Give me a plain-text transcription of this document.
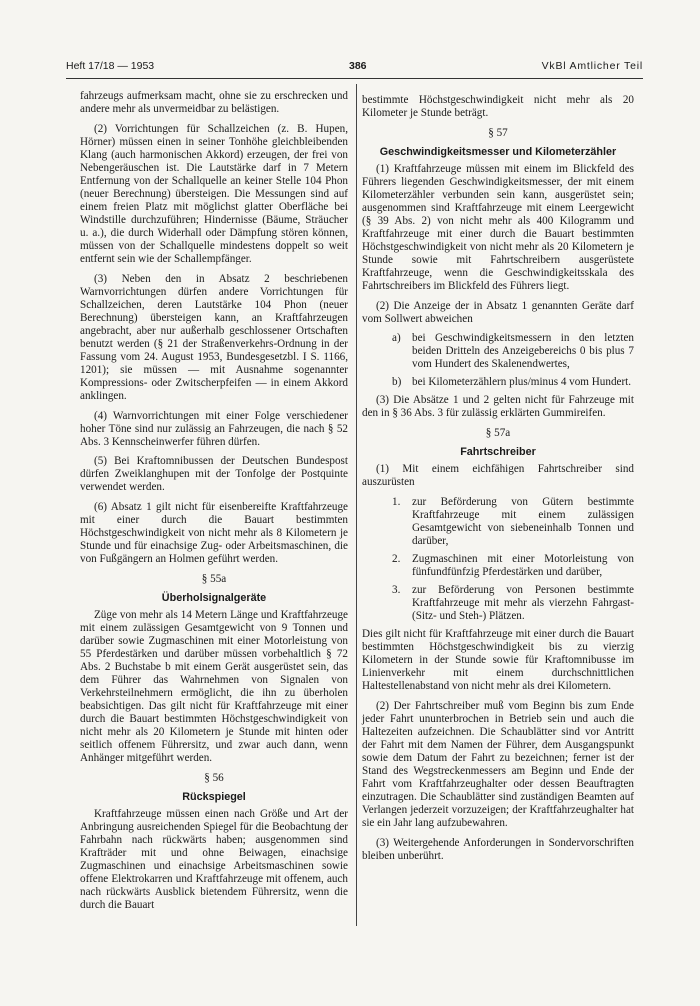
Heft 17/18 — 1953	386	VkBl Amtlicher Teil

fahrzeugs aufmerksam macht, ohne sie zu erschrecken und andere mehr als unvermeidbar zu belästigen.

(2) Vorrichtungen für Schallzeichen (z. B. Hupen, Hörner) müssen einen in seiner Tonhöhe gleichbleibenden Klang (auch harmonischen Akkord) erzeugen, der frei von Nebengeräuschen ist. Die Lautstärke darf in 7 Metern Entfernung von der Schallquelle an keiner Stelle 104 Phon (neuer Berechnung) übersteigen. Die Messungen sind auf einem freien Platz mit möglichst glatter Oberfläche bei Windstille durchzuführen; Hindernisse (Bäume, Sträucher u. a.), die durch Widerhall oder Dämpfung stören können, müssen von der Schallquelle mindestens doppelt so weit entfernt sein wie der Schallempfänger.

(3) Neben den in Absatz 2 beschriebenen Warnvorrichtungen dürfen andere Vorrichtungen für Schallzeichen, deren Lautstärke 104 Phon (neuer Berechnung) übersteigen kann, an Kraftfahrzeugen angebracht, aber nur außerhalb geschlossener Ortschaften benutzt werden (§ 21 der Straßenverkehrs-Ordnung in der Fassung vom 24. August 1953, Bundesgesetzbl. I S. 1166, 1201); sie müssen — mit Ausnahme sogenannter Kompressions- oder Zwitscherpfeifen — in einem Akkord anklingen.

(4) Warnvorrichtungen mit einer Folge verschiedener hoher Töne sind nur zulässig an Fahrzeugen, die nach § 52 Abs. 3 Kennscheinwerfer führen dürfen.

(5) Bei Kraftomnibussen der Deutschen Bundespost dürfen Zweiklanghupen mit der Tonfolge der Postquinte verwendet werden.

(6) Absatz 1 gilt nicht für eisenbereifte Kraftfahrzeuge mit einer durch die Bauart bestimmten Höchstgeschwindigkeit von nicht mehr als 8 Kilometern je Stunde und für einachsige Zug- oder Arbeitsmaschinen, die von Fußgängern an Holmen geführt werden.

§ 55a
Überholsignalgeräte

Züge von mehr als 14 Metern Länge und Kraftfahrzeuge mit einem zulässigen Gesamtgewicht von 9 Tonnen und darüber sowie Zugmaschinen mit einer Motorleistung von 55 Pferdestärken und darüber müssen vorbehaltlich § 72 Abs. 2 Buchstabe b mit einem Gerät ausgerüstet sein, das dem Führer das Wahrnehmen von Signalen von Verkehrsteilnehmern ermöglicht, die ihn zu überholen beabsichtigen. Das gilt nicht für Kraftfahrzeuge mit einer durch die Bauart bestimmten Höchstgeschwindigkeit von nicht mehr als 20 Kilometern je Stunde mit hinten oder seitlich offenem Führersitz, und zwar auch dann, wenn Anhänger mitgeführt werden.

§ 56
Rückspiegel

Kraftfahrzeuge müssen einen nach Größe und Art der Anbringung ausreichenden Spiegel für die Beobachtung der Fahrbahn nach rückwärts haben; ausgenommen sind Krafträder mit und ohne Beiwagen, einachsige Zugmaschinen und einachsige Arbeitsmaschinen sowie offene Elektrokarren und Kraftfahrzeuge mit offenem, auch nach rückwärts Ausblick bietendem Führersitz, wenn die durch die Bauart

bestimmte Höchstgeschwindigkeit nicht mehr als 20 Kilometer je Stunde beträgt.

§ 57
Geschwindigkeitsmesser und Kilometerzähler

(1) Kraftfahrzeuge müssen mit einem im Blickfeld des Führers liegenden Geschwindigkeitsmesser, der mit einem Kilometerzähler verbunden sein kann, ausgerüstet sein; ausgenommen sind Kraftfahrzeuge mit einem Leergewicht (§ 39 Abs. 2) von nicht mehr als 400 Kilogramm und Kraftfahrzeuge mit einer durch die Bauart bestimmten Höchstgeschwindigkeit von nicht mehr als 20 Kilometern je Stunde sowie mit Fahrtschreibern ausgerüstete Kraftfahrzeuge, wenn die Geschwindigkeitsskala des Fahrtschreibers im Blickfeld des Führers liegt.

(2) Die Anzeige der in Absatz 1 genannten Geräte darf vom Sollwert abweichen

a)	bei Geschwindigkeitsmessern in den letzten beiden Dritteln des Anzeigebereichs 0 bis plus 7 vom Hundert des Skalenendwertes,
b) bei Kilometerzählern plus/minus 4 vom Hundert.

(3) Die Absätze 1 und 2 gelten nicht für Fahrzeuge mit den in § 36 Abs. 3 für zulässig erklärten Gummireifen.

§ 57a
Fahrtschreiber

(1) Mit einem eichfähigen Fahrtschreiber sind auszurüsten

1.	zur Beförderung von Gütern bestimmte Kraftfahrzeuge mit einem zulässigen Gesamtgewicht von siebeneinhalb Tonnen und darüber,
2.	Zugmaschinen mit einer Motorleistung von fünfundfünfzig Pferdestärken und darüber,
3.	zur Beförderung von Personen bestimmte Kraftfahrzeuge mit mehr als vierzehn Fahrgast- (Sitz- und Steh-) Plätzen.

Dies gilt nicht für Kraftfahrzeuge mit einer durch die Bauart bestimmten Höchstgeschwindigkeit bis zu vierzig Kilometern in der Stunde sowie für Kraftomnibusse im Linienverkehr mit einem durchschnittlichen Haltestellenabstand von nicht mehr als drei Kilometern.

(2) Der Fahrtschreiber muß vom Beginn bis zum Ende jeder Fahrt ununterbrochen in Betrieb sein und auch die Haltezeiten aufzeichnen. Die Schaublätter sind vor Antritt der Fahrt mit dem Namen der Führer, dem Ausgangspunkt sowie dem Datum der Fahrt zu bezeichnen; ferner ist der Stand des Wegstreckenmessers am Beginn und Ende der Fahrt vom Kraftfahrzeughalter oder dessen Beauftragten einzutragen. Die Schaublätter sind zuständigen Beamten auf Verlangen jederzeit vorzuzeigen; der Kraftfahrzeughalter hat sie ein Jahr lang aufzubewahren.

(3) Weitergehende Anforderungen in Sondervorschriften bleiben unberührt.
